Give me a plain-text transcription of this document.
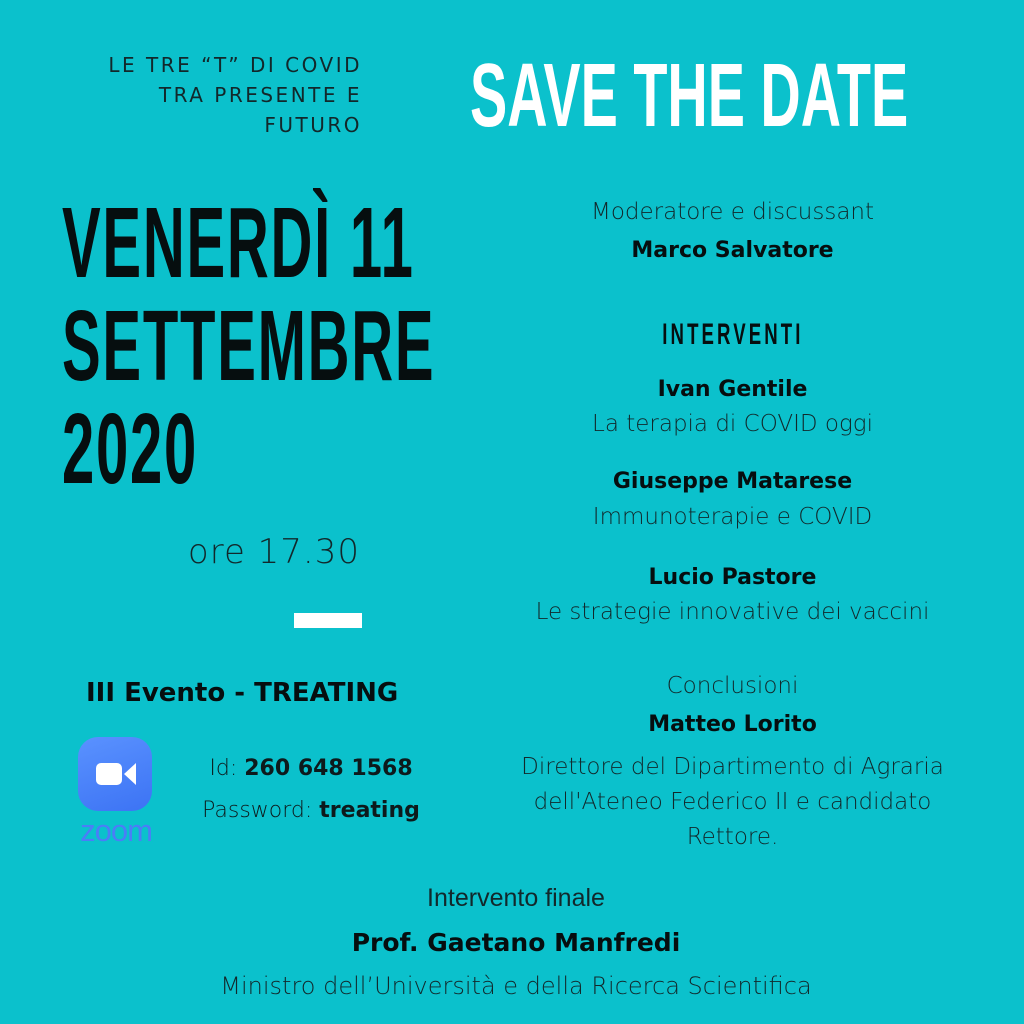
LE TRE “T” DI COVID
TRA PRESENTE E
FUTURO SAVE THE DATE
VENERDÌ 11
SETTEMBRE
2020
ore 17.30
III Evento - TREATING
zoom
Id: 260 648 1568
Password: treating
Moderatore e discussant
Marco Salvatore
INTERVENTI
Ivan Gentile
La terapia di COVID oggi
Giuseppe Matarese
Immunoterapie e COVID
Lucio Pastore
Le strategie innovative dei vaccini
Conclusioni
Matteo Lorito
Direttore del Dipartimento di Agraria
dell'Ateneo Federico II e candidato
Rettore.
Intervento finale
Prof. Gaetano Manfredi
Ministro dell’Università e della Ricerca Scientifica
